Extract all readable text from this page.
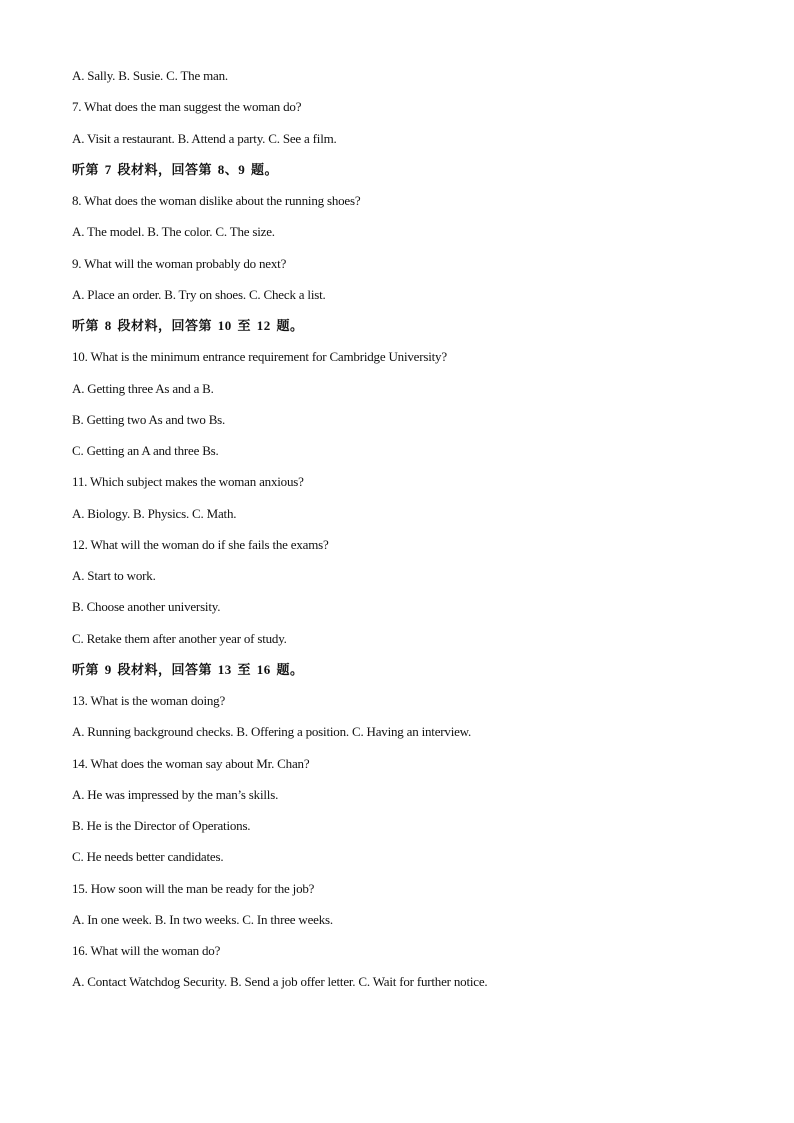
A. Sally. B. Susie. C. The man.
7. What does the man suggest the woman do?
A. Visit a restaurant. B. Attend a party. C. See a film.
听第 7 段材料，回答第 8、9 题。
8. What does the woman dislike about the running shoes?
A. The model. B. The color. C. The size.
9. What will the woman probably do next?
A. Place an order. B. Try on shoes. C. Check a list.
听第 8 段材料，回答第 10 至 12 题。
10. What is the minimum entrance requirement for Cambridge University?
A. Getting three As and a B.
B. Getting two As and two Bs.
C. Getting an A and three Bs.
11. Which subject makes the woman anxious?
A. Biology. B. Physics. C. Math.
12. What will the woman do if she fails the exams?
A. Start to work.
B. Choose another university.
C. Retake them after another year of study.
听第 9 段材料，回答第 13 至 16 题。
13. What is the woman doing?
A. Running background checks. B. Offering a position. C. Having an interview.
14. What does the woman say about Mr. Chan?
A. He was impressed by the man’s skills.
B. He is the Director of Operations.
C. He needs better candidates.
15. How soon will the man be ready for the job?
A. In one week. B. In two weeks. C. In three weeks.
16. What will the woman do?
A. Contact Watchdog Security. B. Send a job offer letter. C. Wait for further notice.
